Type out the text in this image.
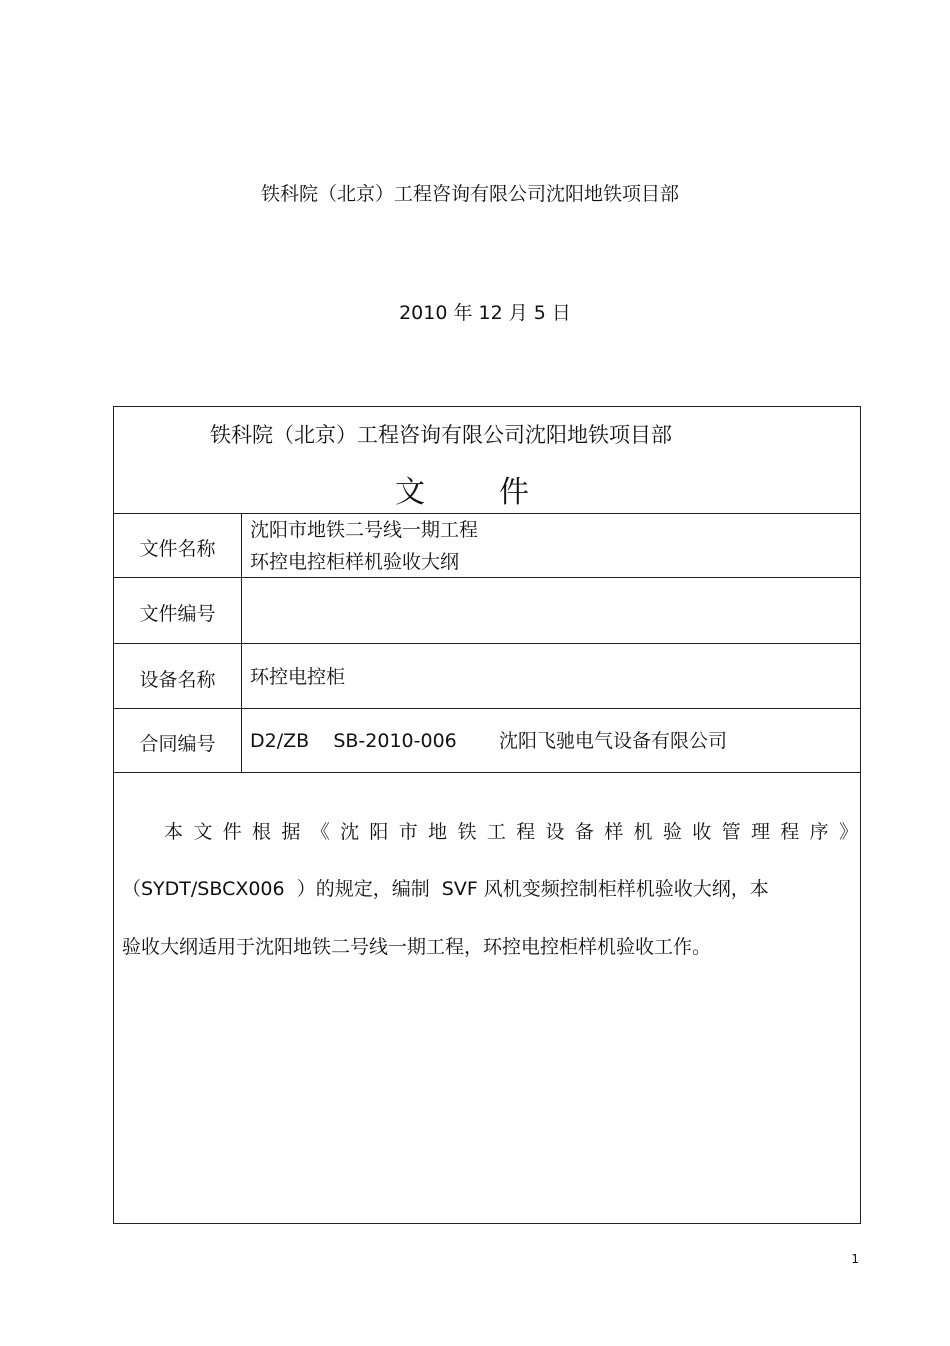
铁科院（北京）工程咨询有限公司沈阳地铁项目部
2010 年 12 月 5 日
铁科院（北京）工程咨询有限公司沈阳地铁项目部
文件
文件名称
沈阳市地铁二号线一期工程
环控电控柜样机验收大纲
文件编号
设备名称	环控电控柜
合同编号	D2/ZB    SB-2010-006       沈阳飞驰电气设备有限公司
本文件根据《沈阳市地铁工程设备样机验收管理程序》
（SYDT/SBCX006  ）的规定，编制  SVF 风机变频控制柜样机验收大纲，本
验收大纲适用于沈阳地铁二号线一期工程，环控电控柜样机验收工作。
1
